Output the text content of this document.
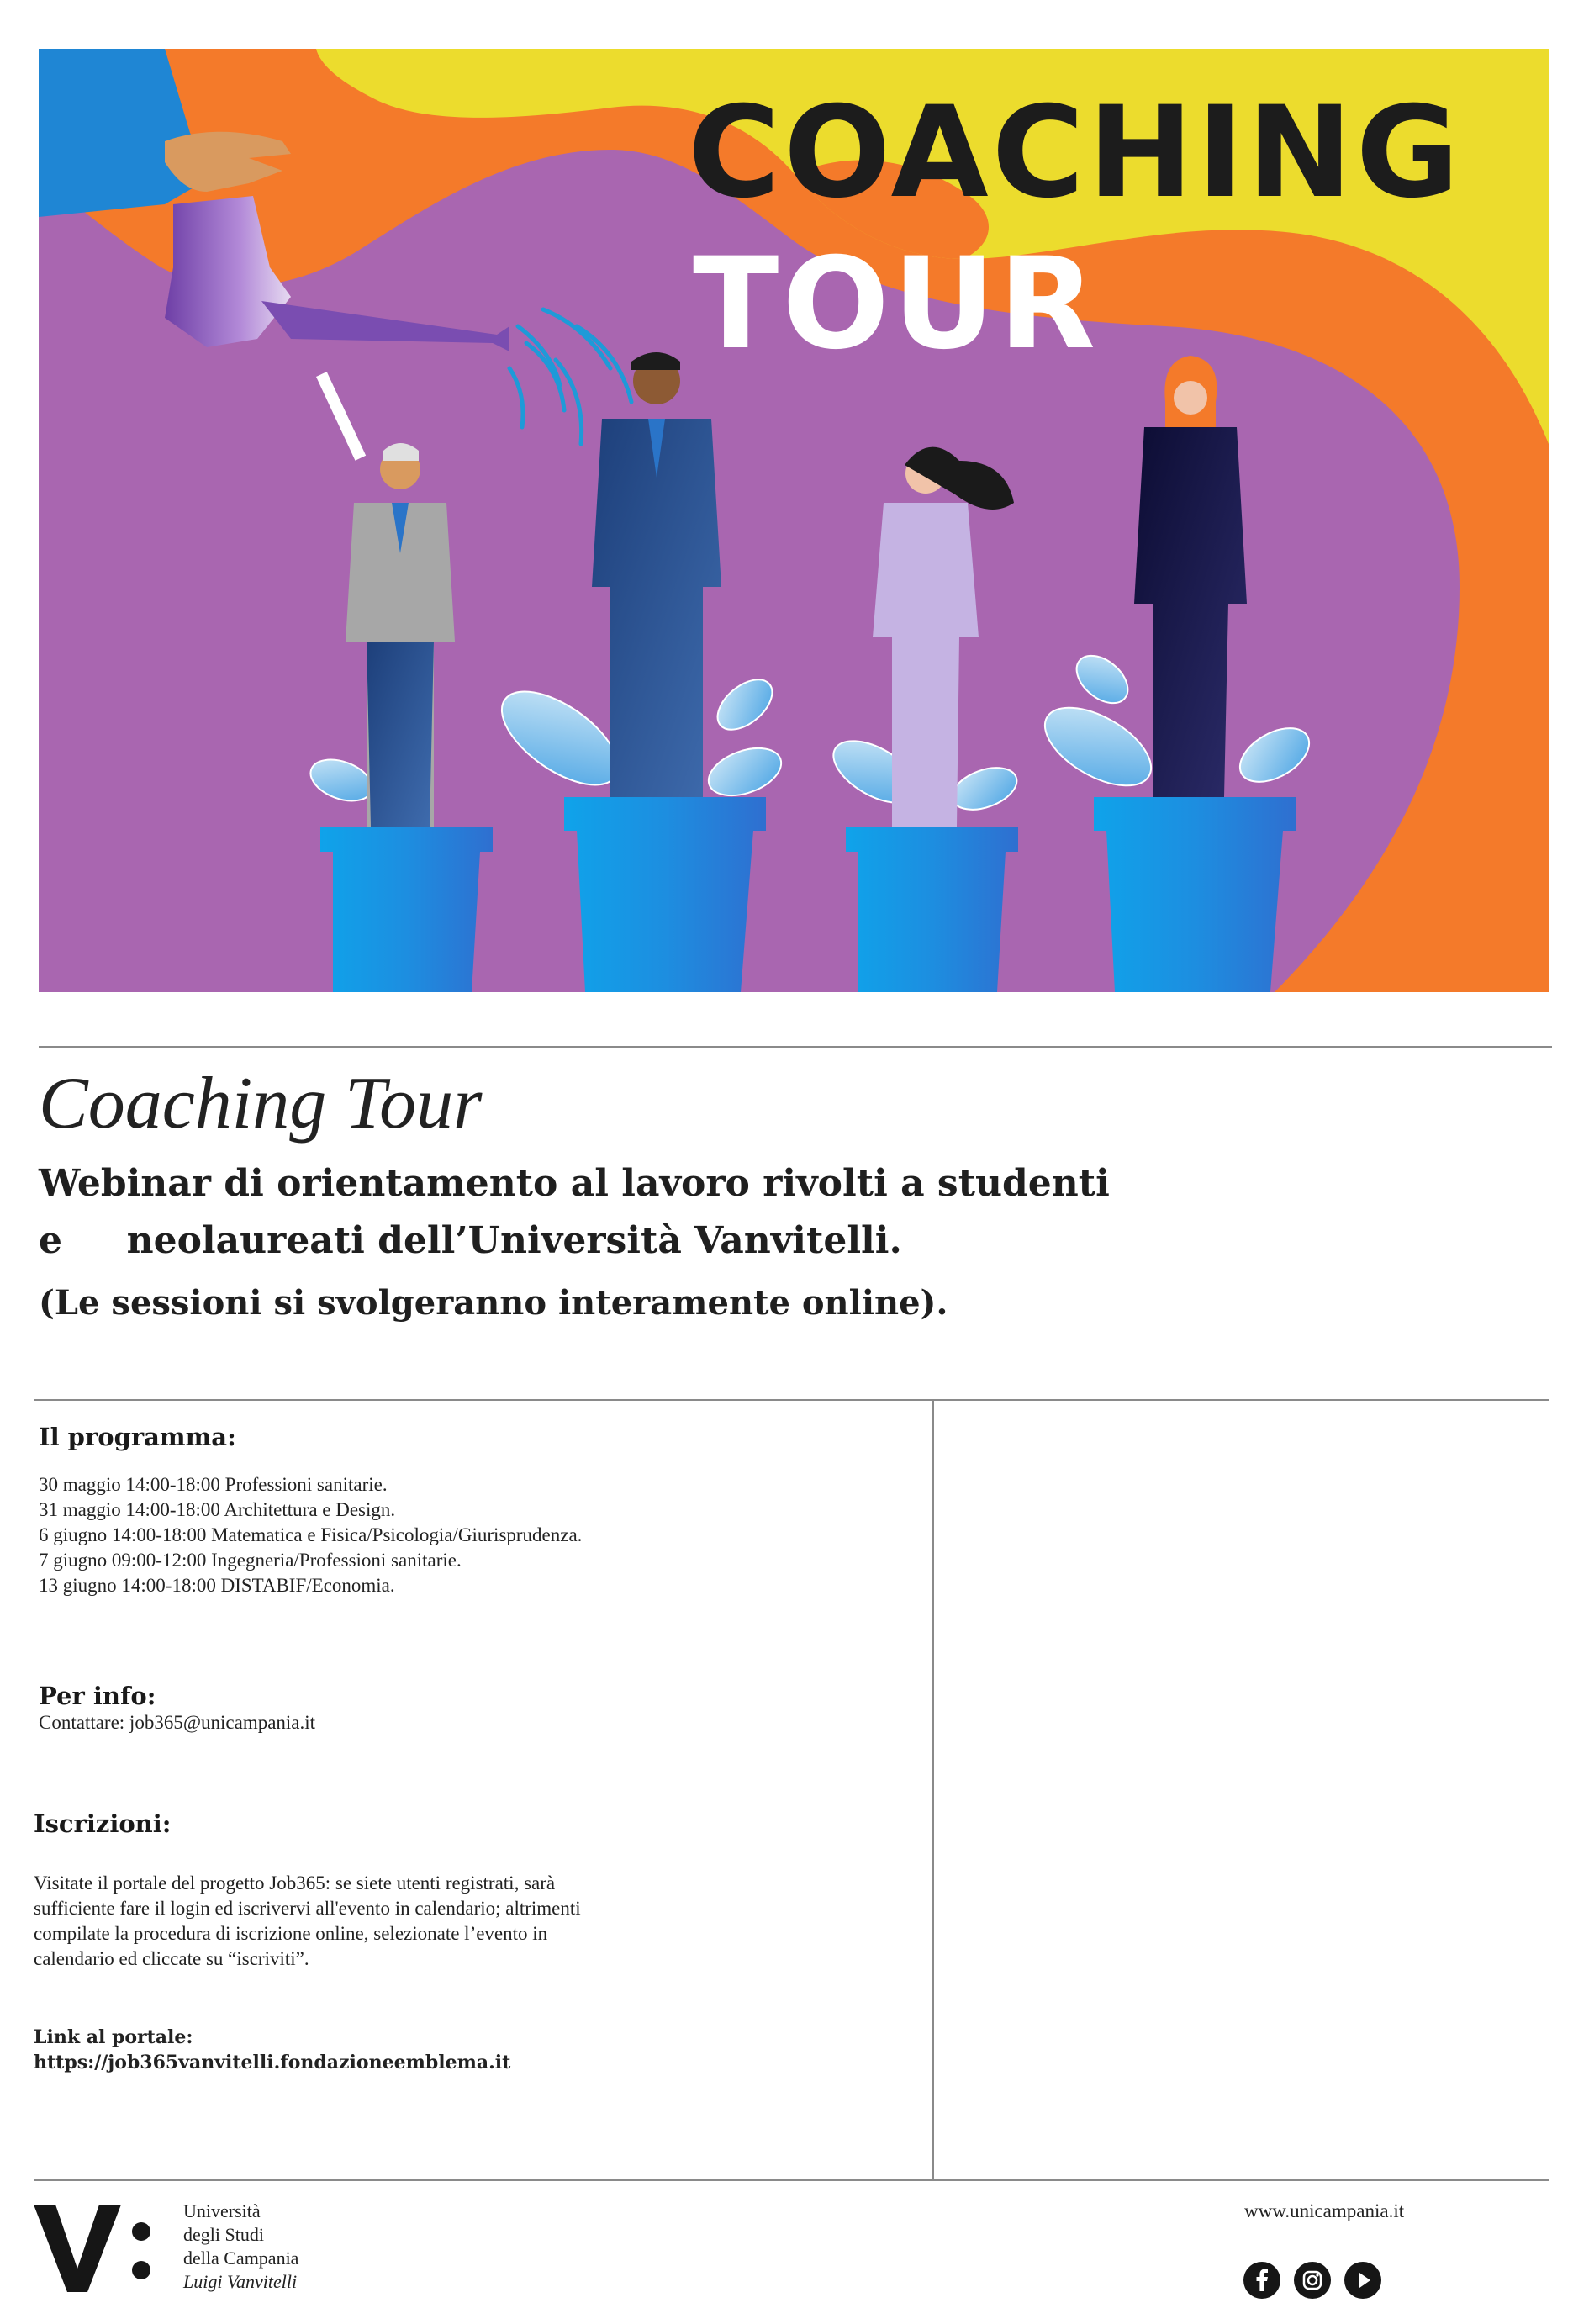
COACHING
TOUR
Coaching Tour
Webinar di orientamento al lavoro rivolti a studenti
e     neolaureati dell’Università Vanvitelli.
(Le sessioni si svolgeranno interamente online).
Il programma:
30 maggio 14:00-18:00 Professioni sanitarie.
31 maggio 14:00-18:00 Architettura e Design.
6 giugno 14:00-18:00 Matematica e Fisica/Psicologia/Giurisprudenza.
7 giugno 09:00-12:00 Ingegneria/Professioni sanitarie.
13 giugno 14:00-18:00 DISTABIF/Economia.
Per info:
Contattare: job365@unicampania.it
Iscrizioni:
Visitate il portale del progetto Job365: se siete utenti registrati, sarà sufficiente fare il login ed iscrivervi all'evento in calendario; altrimenti compilate la procedura di iscrizione online, selezionate l’evento in calendario ed cliccate su “iscriviti”.
Link al portale:
https://job365vanvitelli.fondazioneemblema.it
Università
degli Studi
della Campania
Luigi Vanvitelli
www.unicampania.it
